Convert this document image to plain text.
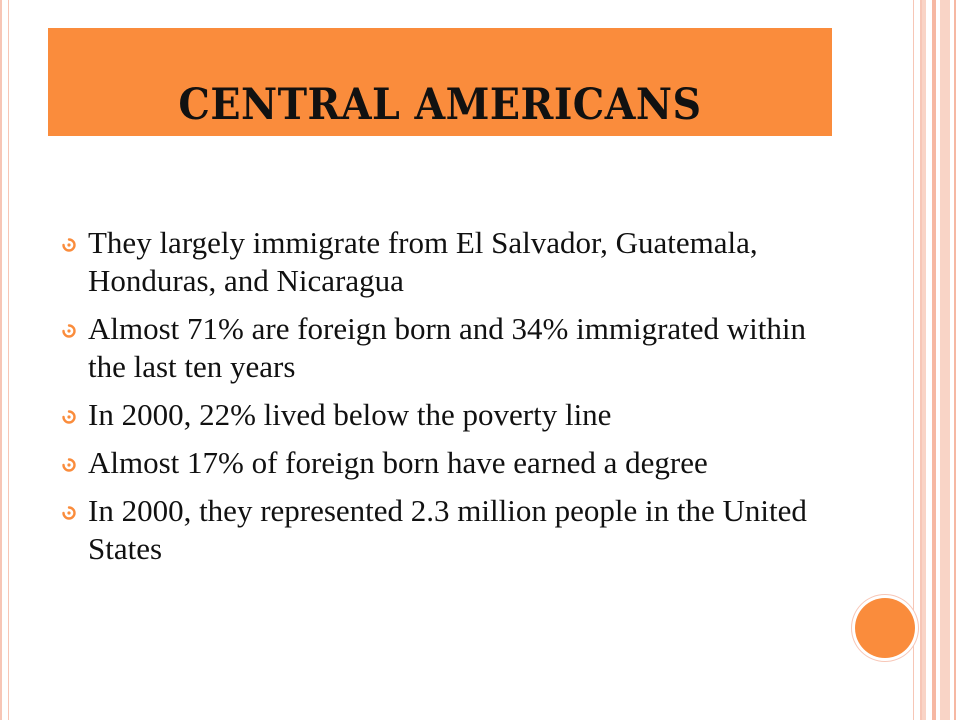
CENTRAL AMERICANS
They largely immigrate from El Salvador, Guatemala, Honduras, and Nicaragua
Almost 71% are foreign born and 34% immigrated within the last ten years
In 2000, 22% lived below the poverty line
Almost 17% of foreign born have earned a degree
In 2000, they represented 2.3 million people in the United States
